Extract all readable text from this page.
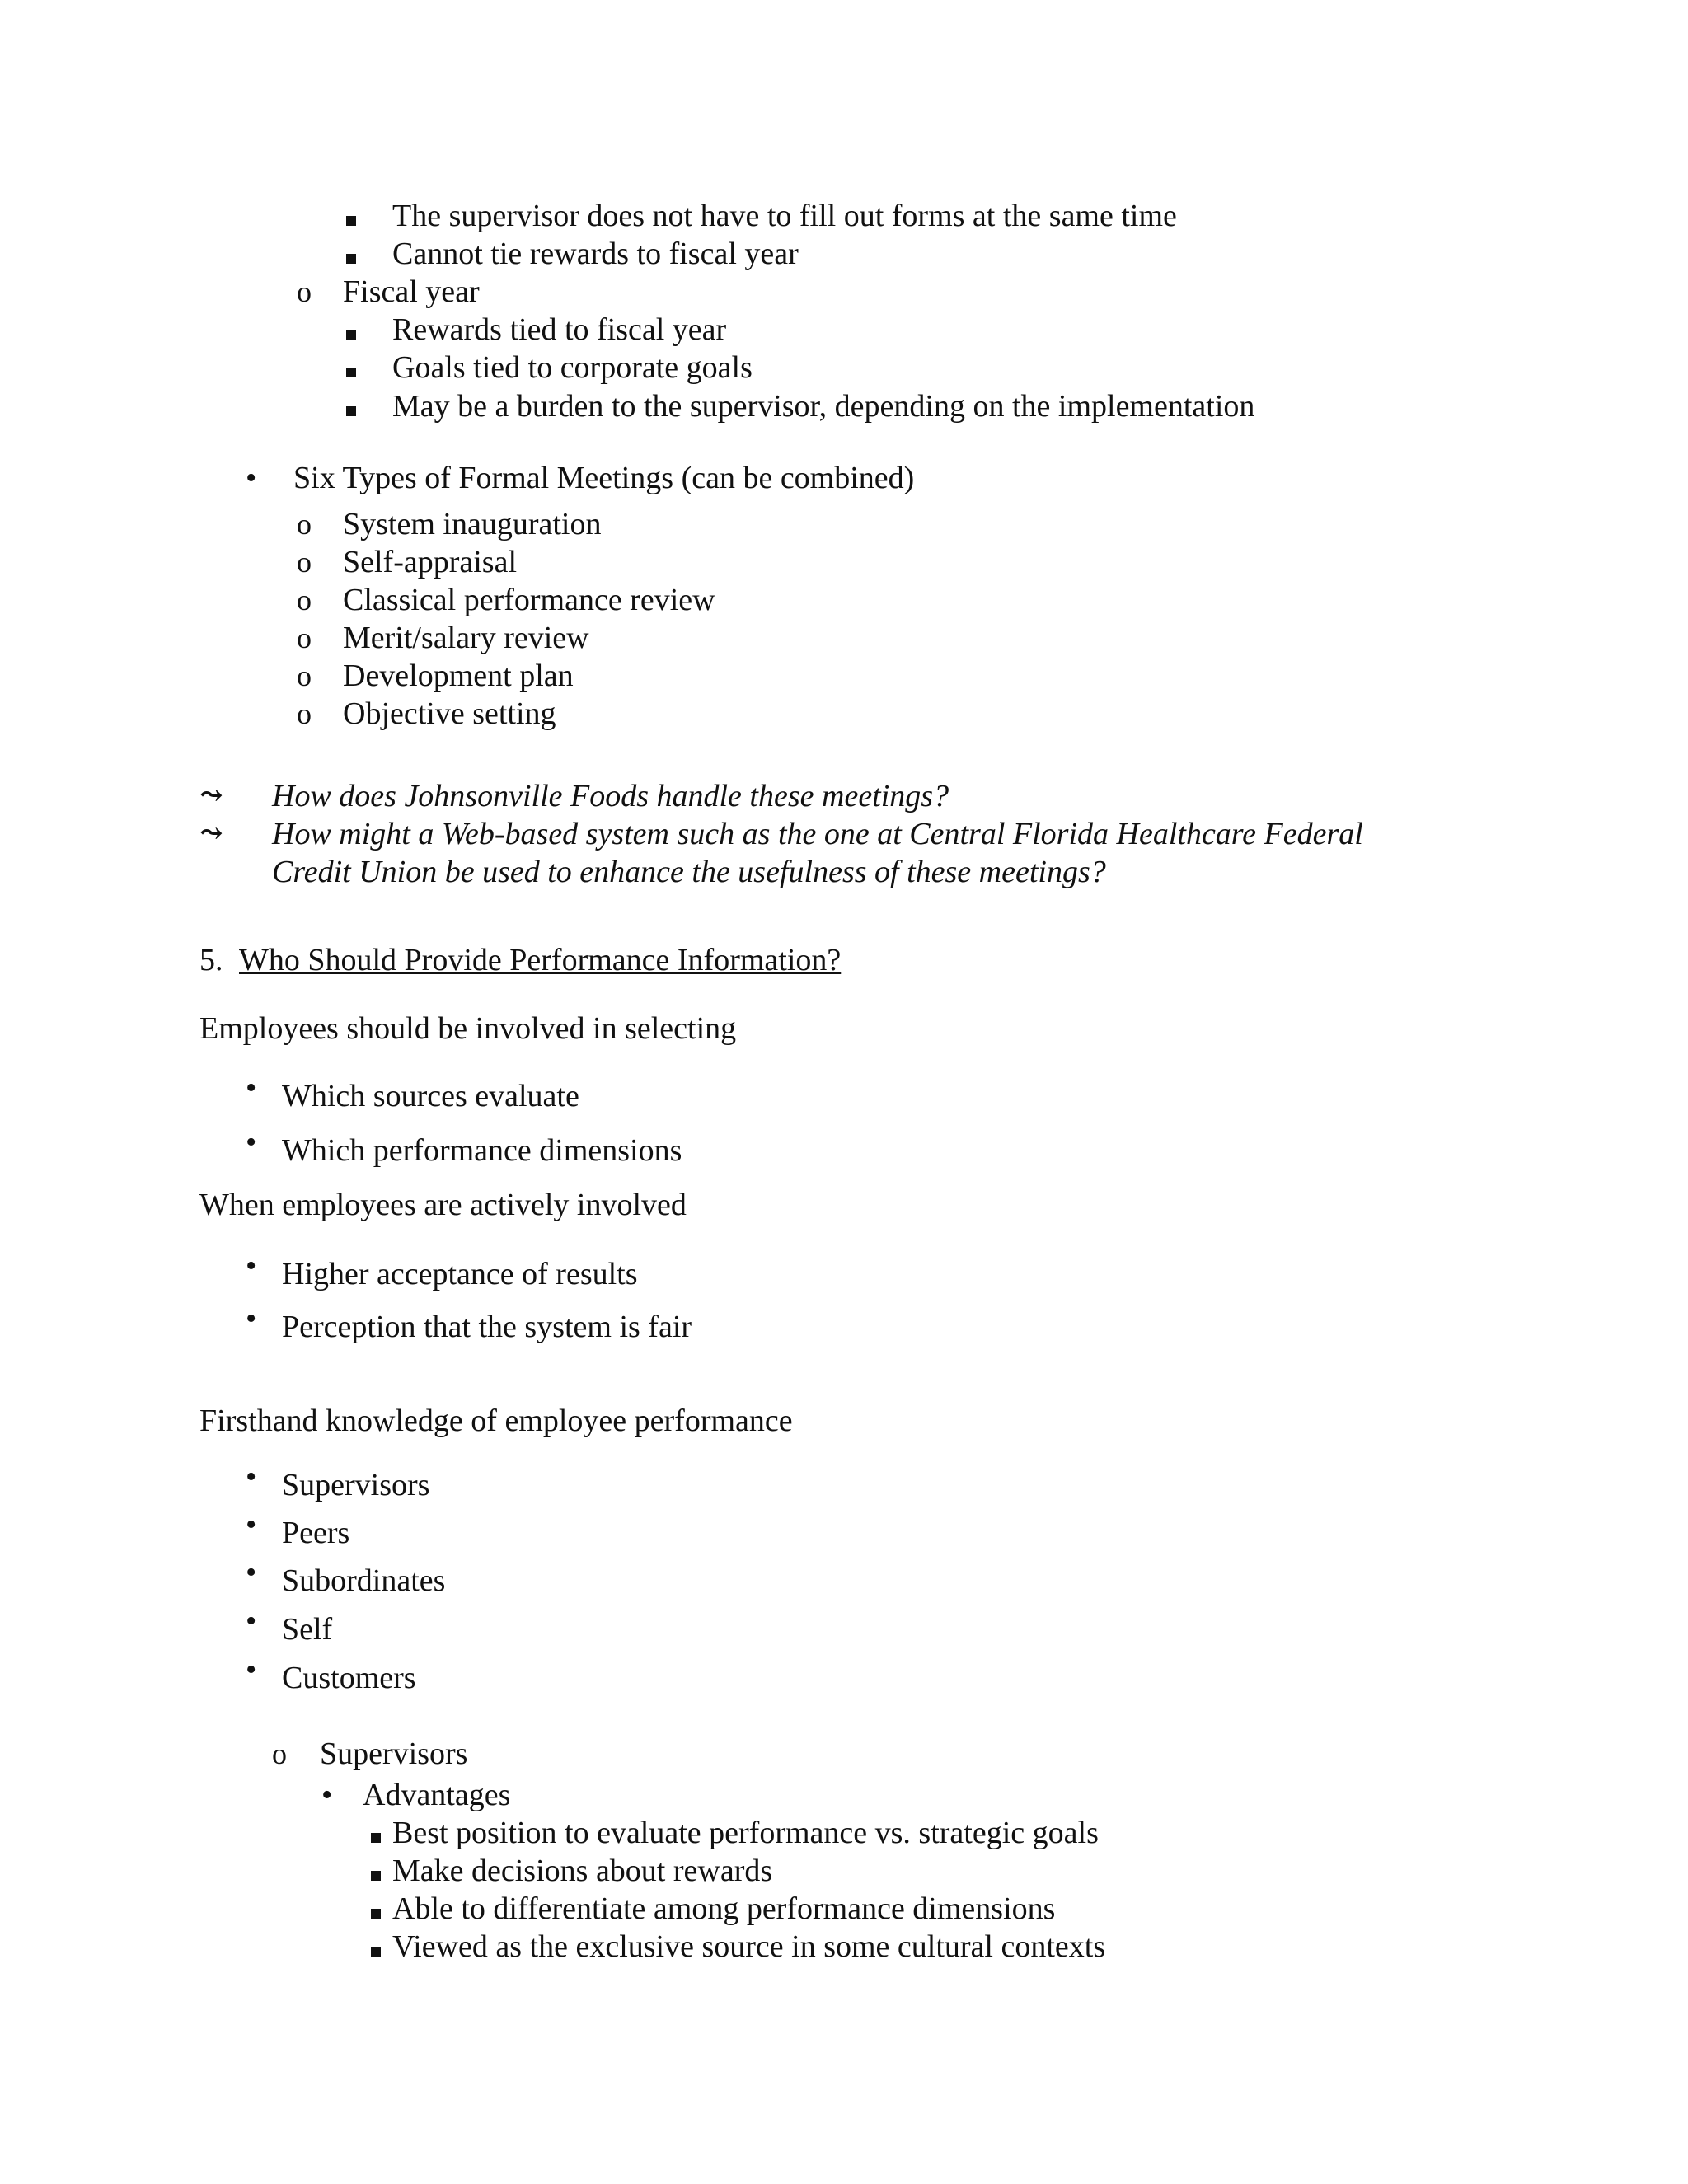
The supervisor does not have to fill out forms at the same time
Cannot tie rewards to fiscal year
o Fiscal year
Rewards tied to fiscal year
Goals tied to corporate goals
May be a burden to the supervisor, depending on the implementation
• Six Types of Formal Meetings (can be combined)
o System inauguration
o Self-appraisal
o Classical performance review
o Merit/salary review
o Development plan
o Objective setting
⤳ How does Johnsonville Foods handle these meetings?
⤳ How might a Web-based system such as the one at Central Florida Healthcare Federal
Credit Union be used to enhance the usefulness of these meetings?
5. Who Should Provide Performance Information?
Employees should be involved in selecting
• Which sources evaluate
• Which performance dimensions
When employees are actively involved
• Higher acceptance of results
• Perception that the system is fair
Firsthand knowledge of employee performance
• Supervisors
• Peers
• Subordinates
• Self
• Customers
o Supervisors
• Advantages
Best position to evaluate performance vs. strategic goals
Make decisions about rewards
Able to differentiate among performance dimensions
Viewed as the exclusive source in some cultural contexts
